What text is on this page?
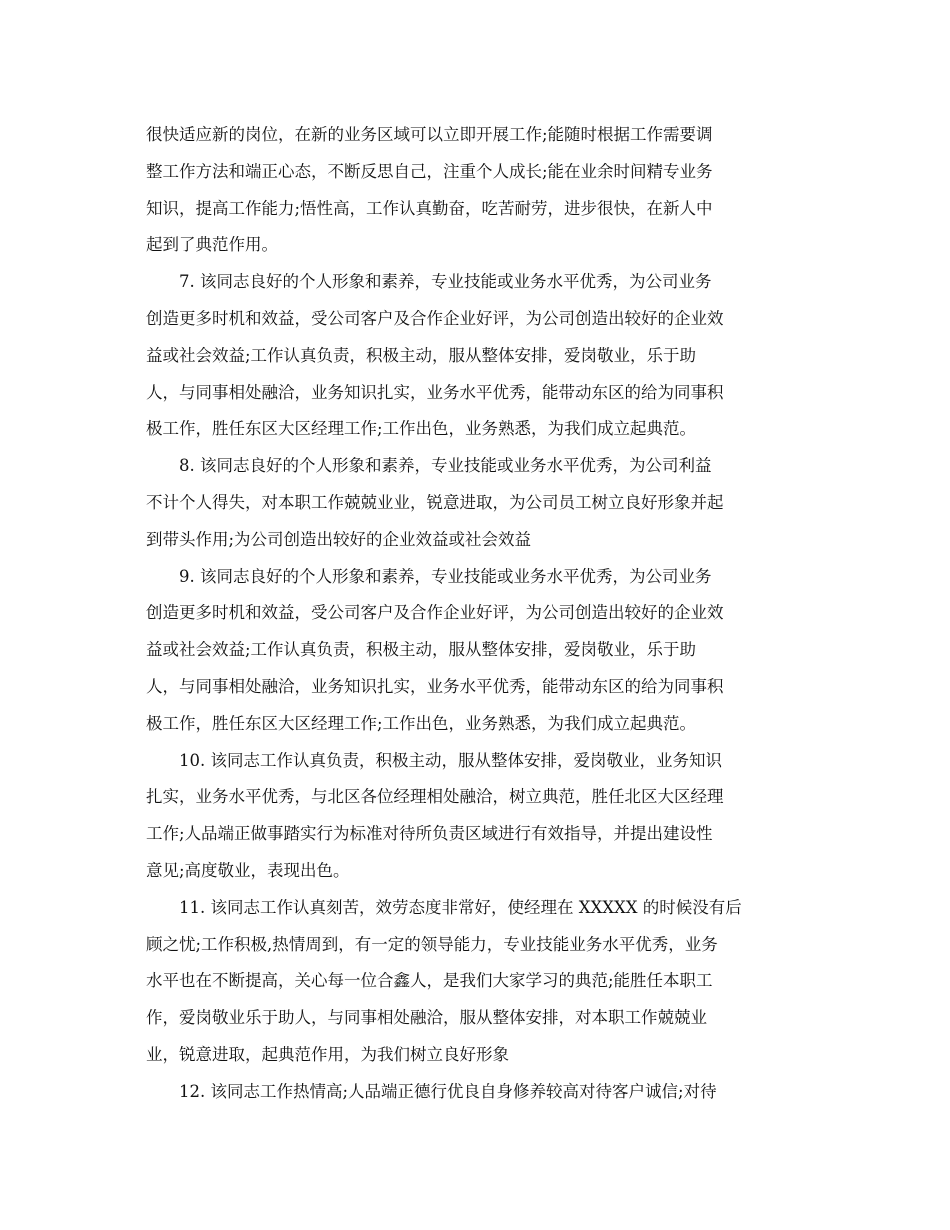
很快适应新的岗位，在新的业务区域可以立即开展工作;能随时根据工作需要调
整工作方法和端正心态，不断反思自己，注重个人成长;能在业余时间精专业务
知识，提高工作能力;悟性高，工作认真勤奋，吃苦耐劳，进步很快，在新人中
起到了典范作用。
7. 该同志良好的个人形象和素养，专业技能或业务水平优秀，为公司业务
创造更多时机和效益，受公司客户及合作企业好评，为公司创造出较好的企业效
益或社会效益;工作认真负责，积极主动，服从整体安排，爱岗敬业，乐于助
人，与同事相处融洽，业务知识扎实，业务水平优秀，能带动东区的给为同事积
极工作，胜任东区大区经理工作;工作出色，业务熟悉，为我们成立起典范。
8. 该同志良好的个人形象和素养，专业技能或业务水平优秀，为公司利益
不计个人得失，对本职工作兢兢业业，锐意进取，为公司员工树立良好形象并起
到带头作用;为公司创造出较好的企业效益或社会效益
9. 该同志良好的个人形象和素养，专业技能或业务水平优秀，为公司业务
创造更多时机和效益，受公司客户及合作企业好评，为公司创造出较好的企业效
益或社会效益;工作认真负责，积极主动，服从整体安排，爱岗敬业，乐于助
人，与同事相处融洽，业务知识扎实，业务水平优秀，能带动东区的给为同事积
极工作，胜任东区大区经理工作;工作出色，业务熟悉，为我们成立起典范。
10. 该同志工作认真负责，积极主动，服从整体安排，爱岗敬业，业务知识
扎实，业务水平优秀，与北区各位经理相处融洽，树立典范，胜任北区大区经理
工作;人品端正做事踏实行为标准对待所负责区域进行有效指导，并提出建设性
意见;高度敬业，表现出色。
11. 该同志工作认真刻苦，效劳态度非常好，使经理在 XXXXX 的时候没有后
顾之忧;工作积极,热情周到，有一定的领导能力，专业技能业务水平优秀，业务
水平也在不断提高，关心每一位合鑫人，是我们大家学习的典范;能胜任本职工
作，爱岗敬业乐于助人，与同事相处融洽，服从整体安排，对本职工作兢兢业
业，锐意进取，起典范作用，为我们树立良好形象
12. 该同志工作热情高;人品端正德行优良自身修养较高对待客户诚信;对待
